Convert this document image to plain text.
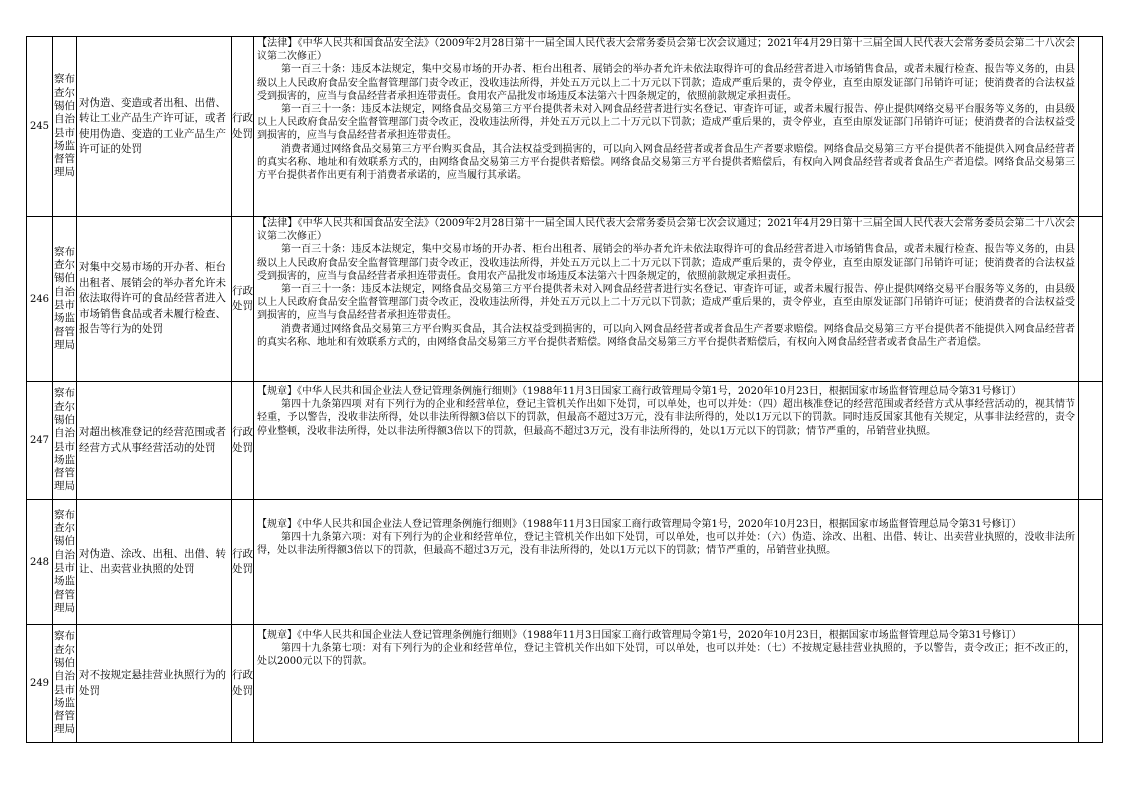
245	察布查尔锡伯自治县市场监督管理局	对伪造、变造或者出租、出借、转让工业产品生产许可证，或者使用伪造、变造的工业产品生产许可证的处罚	行政处罚	【法律】《中华人民共和国食品安全法》（2009年2月28日第十一届全国人民代表大会常务委员会第七次会议通过；2021年4月29日第十三届全国人民代表大会常务委员会第二十八次会议第二次修正）

第一百三十条：违反本法规定，集中交易市场的开办者、柜台出租者、展销会的举办者允许未依法取得许可的食品经营者进入市场销售食品，或者未履行检查、报告等义务的，由县级以上人民政府食品安全监督管理部门责令改正，没收违法所得，并处五万元以上二十万元以下罚款；造成严重后果的，责令停业，直至由原发证部门吊销许可证；使消费者的合法权益受到损害的，应当与食品经营者承担连带责任。食用农产品批发市场违反本法第六十四条规定的，依照前款规定承担责任。

第一百三十一条：违反本法规定，网络食品交易第三方平台提供者未对入网食品经营者进行实名登记、审查许可证，或者未履行报告、停止提供网络交易平台服务等义务的，由县级以上人民政府食品安全监督管理部门责令改正，没收违法所得，并处五万元以上二十万元以下罚款；造成严重后果的，责令停业，直至由原发证部门吊销许可证；使消费者的合法权益受到损害的，应当与食品经营者承担连带责任。

消费者通过网络食品交易第三方平台购买食品，其合法权益受到损害的，可以向入网食品经营者或者食品生产者要求赔偿。网络食品交易第三方平台提供者不能提供入网食品经营者的真实名称、地址和有效联系方式的，由网络食品交易第三方平台提供者赔偿。网络食品交易第三方平台提供者赔偿后，有权向入网食品经营者或者食品生产者追偿。网络食品交易第三方平台提供者作出更有利于消费者承诺的，应当履行其承诺。	

246	察布查尔锡伯自治县市场监督管理局	对集中交易市场的开办者、柜台出租者、展销会的举办者允许未依法取得许可的食品经营者进入市场销售食品或者未履行检查、报告等行为的处罚	行政处罚	【法律】《中华人民共和国食品安全法》（2009年2月28日第十一届全国人民代表大会常务委员会第七次会议通过；2021年4月29日第十三届全国人民代表大会常务委员会第二十八次会议第二次修正）

第一百三十条：违反本法规定，集中交易市场的开办者、柜台出租者、展销会的举办者允许未依法取得许可的食品经营者进入市场销售食品，或者未履行检查、报告等义务的，由县级以上人民政府食品安全监督管理部门责令改正，没收违法所得，并处五万元以上二十万元以下罚款；造成严重后果的，责令停业，直至由原发证部门吊销许可证；使消费者的合法权益受到损害的，应当与食品经营者承担连带责任。食用农产品批发市场违反本法第六十四条规定的，依照前款规定承担责任。

第一百三十一条：违反本法规定，网络食品交易第三方平台提供者未对入网食品经营者进行实名登记、审查许可证，或者未履行报告、停止提供网络交易平台服务等义务的，由县级以上人民政府食品安全监督管理部门责令改正，没收违法所得，并处五万元以上二十万元以下罚款；造成严重后果的，责令停业，直至由原发证部门吊销许可证；使消费者的合法权益受到损害的，应当与食品经营者承担连带责任。

消费者通过网络食品交易第三方平台购买食品，其合法权益受到损害的，可以向入网食品经营者或者食品生产者要求赔偿。网络食品交易第三方平台提供者不能提供入网食品经营者的真实名称、地址和有效联系方式的，由网络食品交易第三方平台提供者赔偿。网络食品交易第三方平台提供者赔偿后，有权向入网食品经营者或者食品生产者追偿。	

247	察布查尔锡伯自治县市场监督管理局	对超出核准登记的经营范围或者经营方式从事经营活动的处罚	行政处罚	【规章】《中华人民共和国企业法人登记管理条例施行细则》（1988年11月3日国家工商行政管理局令第1号，2020年10月23日，根据国家市场监督管理总局令第31号修订）

第四十九条第四项 对有下列行为的企业和经营单位，登记主管机关作出如下处罚，可以单处，也可以并处：（四）超出核准登记的经营范围或者经营方式从事经营活动的，视其情节轻重，予以警告，没收非法所得，处以非法所得额3倍以下的罚款，但最高不超过3万元，没有非法所得的，处以1万元以下的罚款。同时违反国家其他有关规定，从事非法经营的，责令停业整顿，没收非法所得，处以非法所得额3倍以下的罚款，但最高不超过3万元，没有非法所得的，处以1万元以下的罚款；情节严重的，吊销营业执照。	

248	察布查尔锡伯自治县市场监督管理局	对伪造、涂改、出租、出借、转让、出卖营业执照的处罚	行政处罚	【规章】《中华人民共和国企业法人登记管理条例施行细则》（1988年11月3日国家工商行政管理局令第1号，2020年10月23日，根据国家市场监督管理总局令第31号修订）

第四十九条第六项：对有下列行为的企业和经营单位，登记主管机关作出如下处罚，可以单处，也可以并处：（六）伪造、涂改、出租、出借、转让、出卖营业执照的，没收非法所得，处以非法所得额3倍以下的罚款，但最高不超过3万元，没有非法所得的，处以1万元以下的罚款；情节严重的，吊销营业执照。	

249	察布查尔锡伯自治县市场监督管理局	对不按规定悬挂营业执照行为的处罚	行政处罚	【规章】《中华人民共和国企业法人登记管理条例施行细则》（1988年11月3日国家工商行政管理局令第1号，2020年10月23日，根据国家市场监督管理总局令第31号修订）

第四十九条第七项：对有下列行为的企业和经营单位，登记主管机关作出如下处罚，可以单处，也可以并处：（七）不按规定悬挂营业执照的，予以警告，责令改正；拒不改正的，处以2000元以下的罚款。	
